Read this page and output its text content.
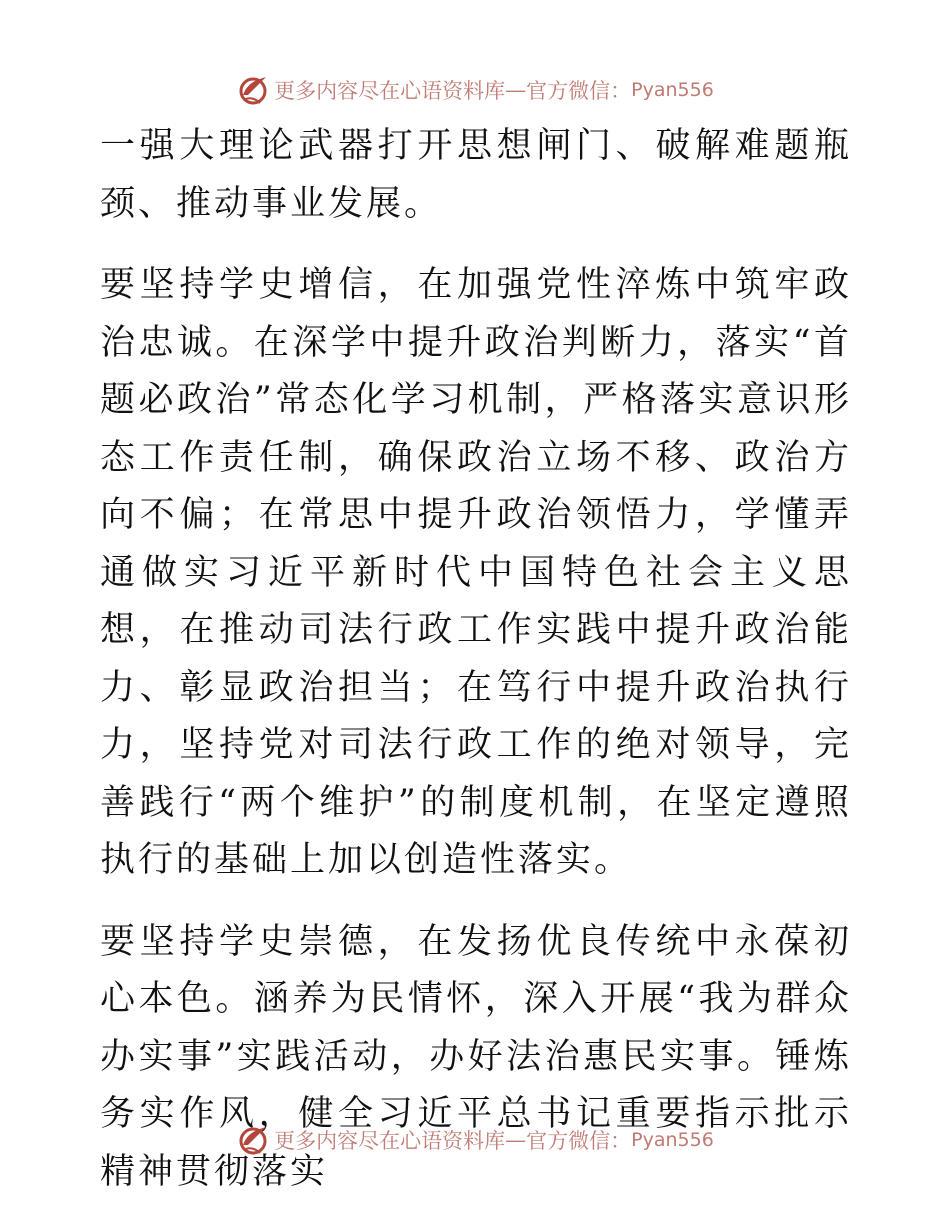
更多内容尽在心语资料库 — 官方微信： Pyan556

一强大理论武器打开思想闸门、破解难题瓶颈、推动事业发展。

要坚持学史增信，在加强党性淬炼中筑牢政治忠诚。在深学中提升政治判断力，落实“首题必政治”常态化学习机制，严格落实意识形态工作责任制，确保政治立场不移、政治方向不偏；在常思中提升政治领悟力，学懂弄通做实习近平新时代中国特色社会主义思想，在推动司法行政工作实践中提升政治能力、彰显政治担当；在笃行中提升政治执行力，坚持党对司法行政工作的绝对领导，完善践行“两个维护”的制度机制，在坚定遵照执行的基础上加以创造性落实。

要坚持学史崇德，在发扬优良传统中永葆初心本色。涵养为民情怀，深入开展“我为群众办实事”实践活动，办好法治惠民实事。锤炼务实作风，健全习近平总书记重要指示批示精神贯彻落实

更多内容尽在心语资料库 — 官方微信： Pyan556
